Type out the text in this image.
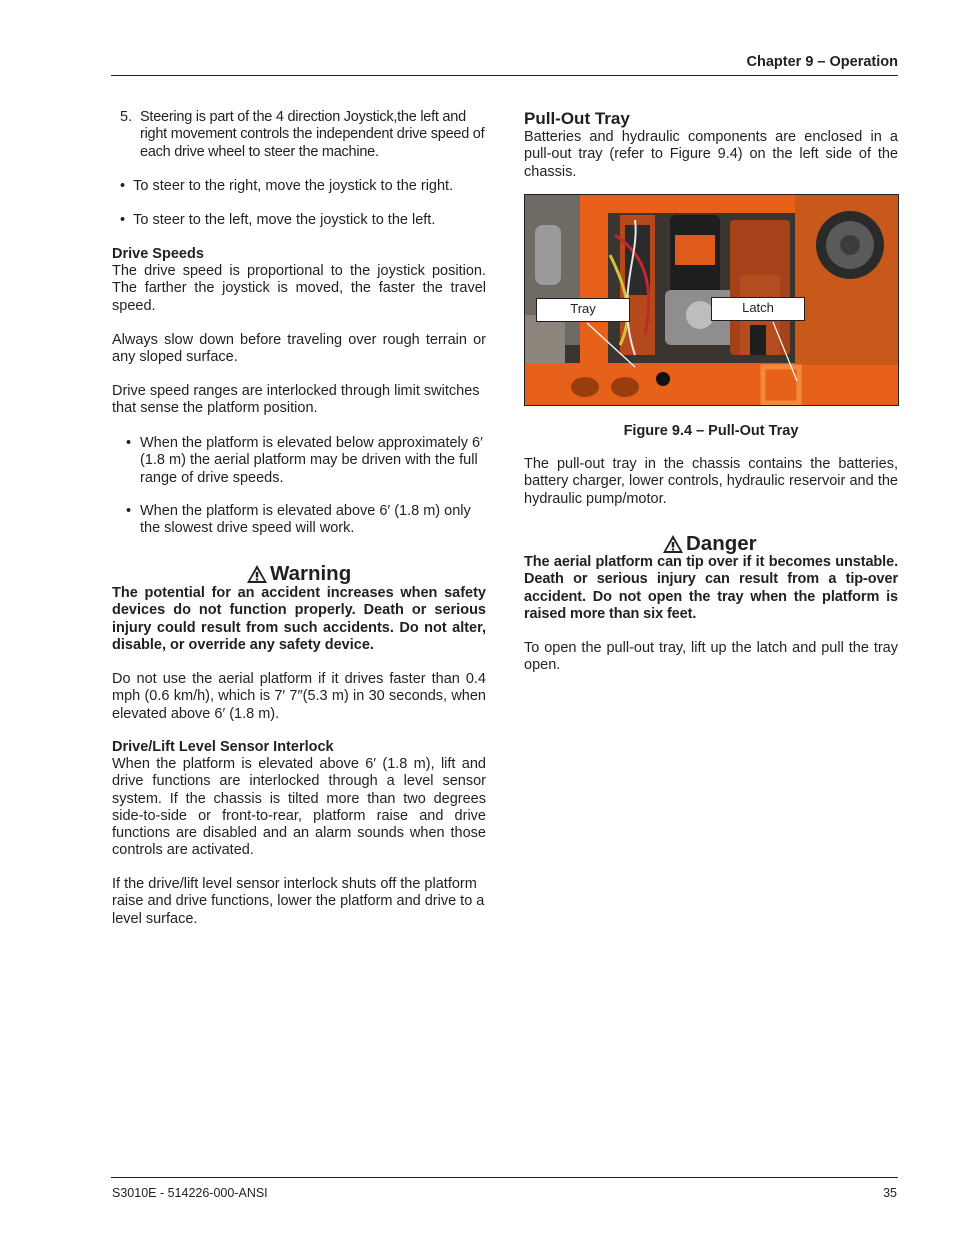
Chapter 9 – Operation
5. Steering is part of the 4 direction Joystick,the left and right movement controls the independent drive speed of each drive wheel to steer the machine.
•  To steer to the right, move the joystick to the right.
•  To steer to the left, move the joystick to the left.
Drive Speeds
The drive speed is proportional to the joystick position. The farther the joystick is moved, the faster the travel speed.
Always slow down before traveling over rough terrain or any sloped surface.
Drive speed ranges are interlocked through limit switches that sense the platform position.
• When the platform is elevated below approximately 6′ (1.8 m) the aerial platform may be driven with the full range of drive speeds.
• When the platform is elevated above 6′ (1.8 m) only the slowest drive speed will work.
Warning
The potential for an accident increases when safety devices do not function properly. Death or serious injury could result from such accidents. Do not alter, disable, or override any safety device.
Do not use the aerial platform if it drives faster than 0.4 mph (0.6 km/h), which is 7′ 7″(5.3 m) in 30 seconds, when elevated above 6′ (1.8 m).
Drive/Lift Level Sensor Interlock
When the platform is elevated above 6′ (1.8 m), lift and drive functions are interlocked through a level sensor system. If the chassis is tilted more than two degrees side-to-side or front-to-rear, platform raise and drive functions are disabled and an alarm sounds when those controls are activated.
If the drive/lift level sensor interlock shuts off the platform raise and drive functions, lower the platform and drive to a level surface.
Pull-Out Tray
Batteries and hydraulic components are enclosed in a pull-out tray (refer to Figure 9.4) on the left side of the chassis.
Tray	Latch
Figure 9.4 – Pull-Out Tray
The pull-out tray in the chassis contains the batteries, battery charger, lower controls, hydraulic reservoir and the hydraulic pump/motor.
Danger
The aerial platform can tip over if it becomes unstable. Death or serious injury can result from a tip-over accident. Do not open the tray when the platform is raised more than six feet.
To open the pull-out tray, lift up the latch and pull the tray open.
S3010E - 514226-000-ANSI	35
